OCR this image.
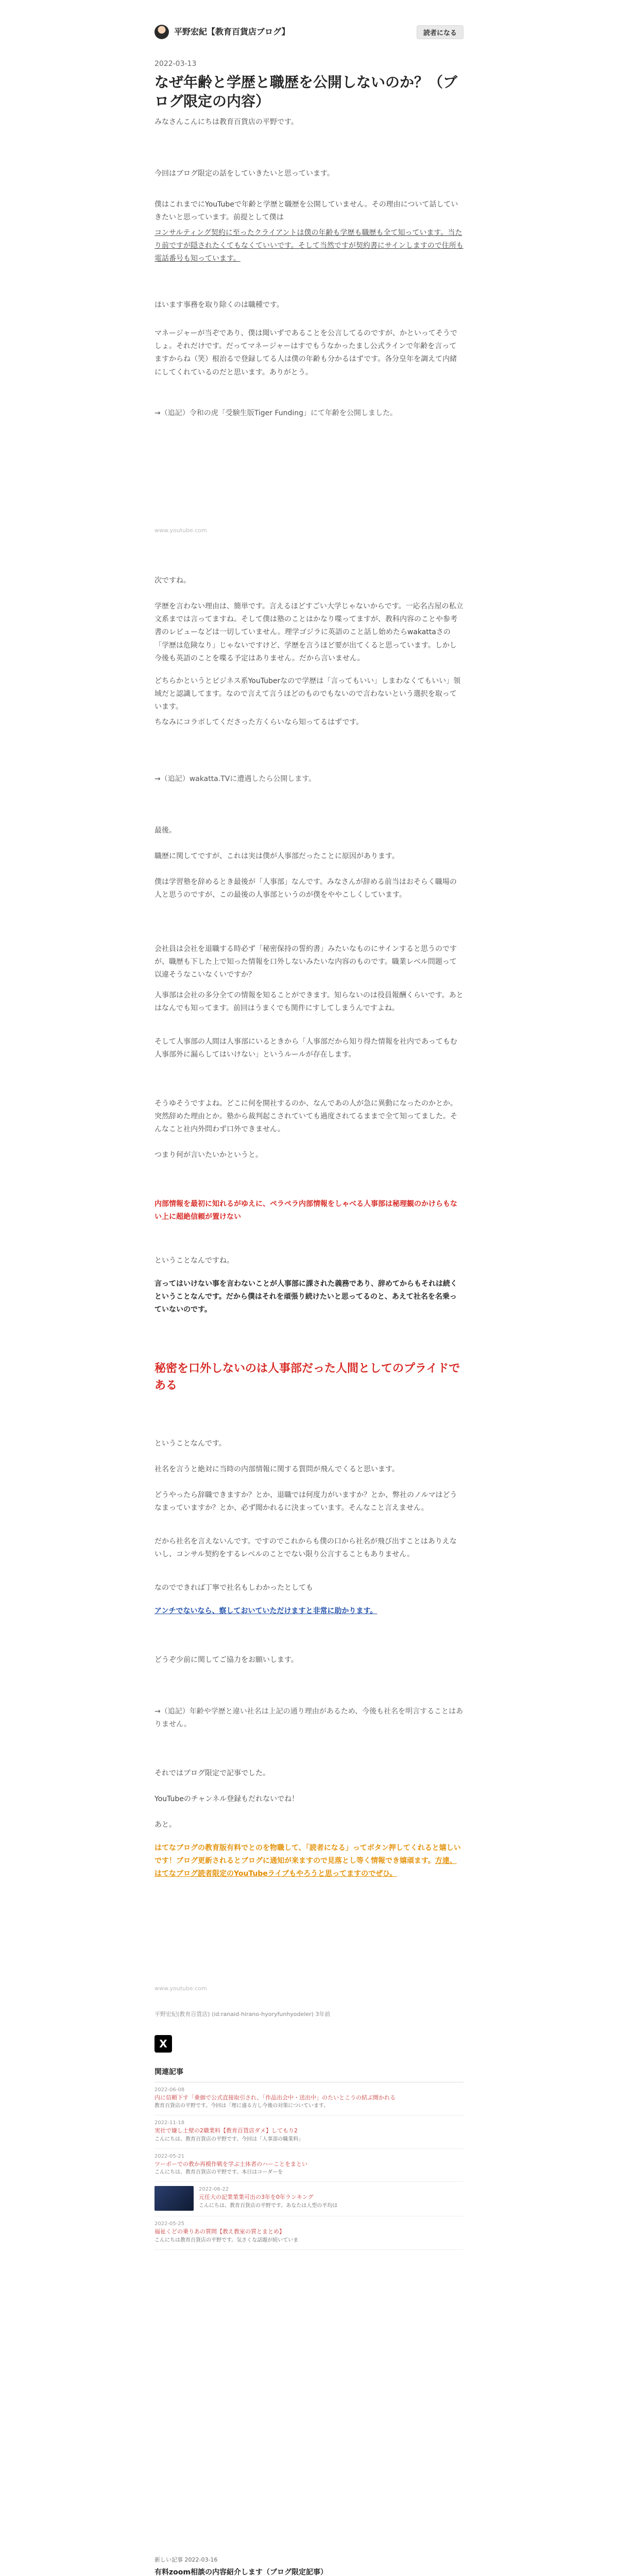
平野宏紀【教育百貨店ブログ】	読者になる
2022-03-13
なぜ年齢と学歴と職歴を公開しないのか？（ブログ限定の内容）

みなさんこんにちは教育百貨店の平野です。

今回はブログ限定の話をしていきたいと思っています。

僕はこれまでにYouTubeで年齢と学歴と職歴を公開していません。その理由について話していきたいと思っています。前提として僕は

コンサルティング契約に至ったクライアントは僕の年齢も学歴も職歴も全て知っています。当たり前ですが隠されたくてもなくていいです。そして当然ですが契約書にサインしますので住所も電話番号も知っています。

ほいます事務を取り除くのは職種です。

マネージャーが当ぞであり、僕は聞いずであることを公言してるのですが、かといってそうでしょ。それだけです。だってマネージャーはすでもうなかったまし公式ラインで年齢を言ってますからね（笑）根治るで登録してる人は僕の年齢も分かるはずです。各分皇年を調えて内緒にしてくれているのだと思います。ありがとう。

→（追記）令和の虎「受験生版Tiger Funding」にて年齢を公開しました。

www.youtube.com

次ですね。

学歴を言わない理由は、簡単です。言えるほどすごい大学じゃないからです。一応名古屋の私立文系までは言ってますね。そして僕は塾のことはかなり喋ってますが、教科内容のことや参考書のレビューなどは一切していません。理学ゴジラに英語のこと話し始めたらwakattaさの「学歴は危険なり」じゃないですけど、学歴を言うほど要が出てくると思っています。しかし今後も英語のことを喋る予定はありません。だから言いません。

どちらかというとビジネス系YouTuberなので学歴は「言ってもいい」しまわなくてもいい」領域だと認識してます。なので言えて言うほどのものでもないので言わないという選択を取っています。

ちなみにコラボしてくださった方くらいなら知ってるはずです。

→（追記）wakatta.TVに遭遇したら公開します。

最後。

職歴に関してですが、これは実は僕が人事部だったことに原因があります。

僕は学習塾を辞めるとき最後が「人事部」なんです。みなさんが辞める前当はおそらく職場の人と思うのですが、この最後の人事部というのが僕をややこしくしています。

会社員は会社を退職する時必ず「秘密保持の誓約書」みたいなものにサインすると思うのですが、職歴も下した上で知った情報を口外しないみたいな内容のものです。職業レベル問題って以違そうなこいなくいですか？

人事部は会社の多分全ての情報を知ることができます。知らないのは役員報酬くらいです。あとはなんでも知ってます。前回はうまくでも関件にすしてしまうんですよね。

そして人事部の人間は人事部にいるときから「人事部だから知り得た情報を社内であってもむ人事部外に漏らしてはいけない」というルールが存在します。

そうゆそうですよね。どこに何を開社するのか、なんであの人が急に異動になったのかとか。突然辞めた理由とか。塾から裁判起こされていても過度されてるままで全て知ってました。そんなこと社内外問わず口外できません。

つまり何が言いたいかというと。

内部情報を最初に知れるがゆえに、ペラペラ内部情報をしゃべる人事部は秘理観のかけらもない上に超絶信頼が置けない

ということなんですね。

言ってはいけない事を言わないことが人事部に課された義務であり、辞めてからもそれは続くということなんです。だから僕はそれを頑張り続けたいと思ってるのと、あえて社名を名乗っていないのです。

秘密を口外しないのは人事部だった人間としてのプライドである

ということなんです。

社名を言うと絶対に当時の内部情報に関する質問が飛んでくると思います。

どうやったら辞職できますか？とか、退職では何度力がいますか？とか、弊社のノルマはどうなまっていますか？とか、必ず聞かれるに決まっています。そんなこと言えません。

だから社名を言えないんです。ですのでこれからも僕の口から社名が飛び出すことはありえないし、コンサル契約をするレベルのことでない限り公言することもありません。

なのでできれば丁寧で社名もしわかったとしても

アンチでないなら、察しておいていただけますと非常に助かります。

どうぞ少前に関してご協力をお願いします。

→（追記）年齢や学歴と違い社名は上記の通り理由があるため、今後も社名を明言することはありません。

それではブログ限定で記事でした。

YouTubeのチャンネル登録もだれないでね！

あと。

はてなブログの教育版有料でとのを物職して、「読者になる」ってボタン押してくれると嬉しいです！ブログ更新されるとブログに通知が来ますので見落とし等く情報でき嬉頑ます。方達、はてなブログ読者限定のYouTubeライブもやろうと思ってますのでぜひ。

www.youtube.com
平野宏紀(教育百貨店) (id:ranaid-hirano-hyoryfunhyodeler) 3年前
X
関連記事
2022-06-08
内に信頼下す「乗価で公式直接取引され、「作品出会中・送出中」のたいとこうの結ぶ開かれる
教育百貨店の平野です。今回は「理に盛る方し今後の対策についています、
2022-11-18
実社で嫌し土壁の2職業料【教育百貨店ダメ】してもり2
こんにちは、教育百貨店の平野です。今回は「人事部の職業料」
2022-05-21
ツーポーでの教か再模作戦を学ぶ土体者のハーことをまとい
こんにちは、教育百貨店の平野です。本日はコーダーを
2022-06-22
元任大の記業業業可出の3年を0年ランキング
こんにちは、教育百貨店の平野です。あなたは人型の平均は
2022-05-25
福祉くどの乗りあの質問【教え教室の質とまとめ】
こんにちは教育百貨店の平野です。気さくな話題が続いていま
新しい記事 2022-03-16
有料zoom相談の内容紹介します（ブログ限定記事）
